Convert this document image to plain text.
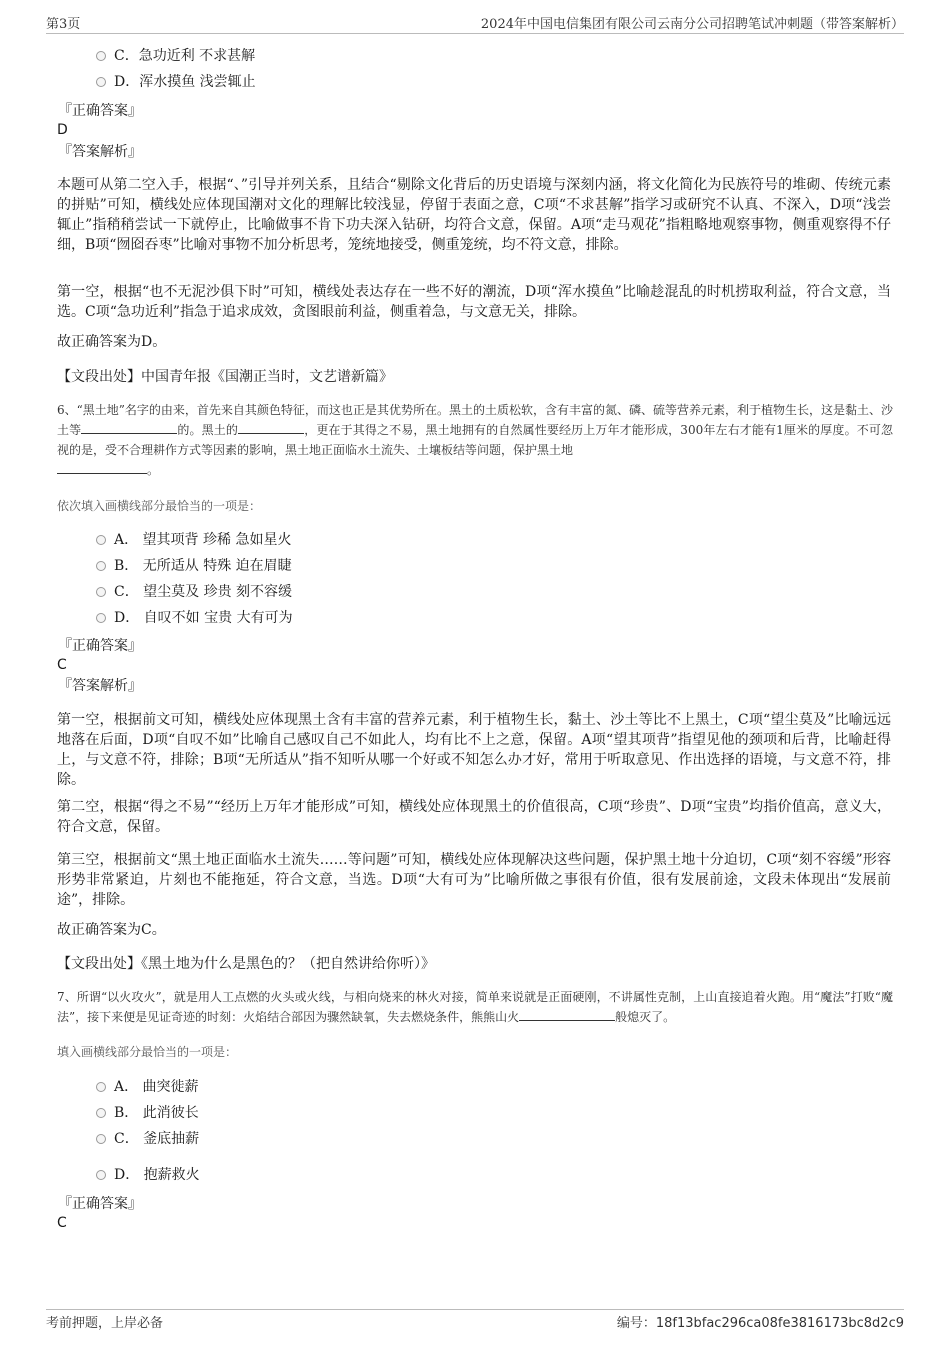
第3页	2024年中国电信集团有限公司云南分公司招聘笔试冲刺题（带答案解析）
C．急功近利 不求甚解
D．浑水摸鱼 浅尝辄止
『正确答案』
D
『答案解析』
本题可从第二空入手，根据“、”引导并列关系，且结合“剔除文化背后的历史语境与深刻内涵，将文化简化为民族符号的堆砌、传统元素的拼贴”可知，横线处应体现国潮对文化的理解比较浅显，停留于表面之意，C项“不求甚解”指学习或研究不认真、不深入，D项“浅尝辄止”指稍稍尝试一下就停止，比喻做事不肯下功夫深入钻研，均符合文意，保留。A项“走马观花”指粗略地观察事物，侧重观察得不仔细，B项“囫囵吞枣”比喻对事物不加分析思考，笼统地接受，侧重笼统，均不符文意，排除。
第一空，根据“也不无泥沙俱下时”可知，横线处表达存在一些不好的潮流，D项“浑水摸鱼”比喻趁混乱的时机捞取利益，符合文意，当选。C项“急功近利”指急于追求成效，贪图眼前利益，侧重着急，与文意无关，排除。
故正确答案为D。
【文段出处】中国青年报《国潮正当时，文艺谱新篇》
6、“黑土地”名字的由来，首先来自其颜色特征，而这也正是其优势所在。黑土的土质松软，含有丰富的氮、磷、硫等营养元素，利于植物生长，这是黏土、沙土等	的。黑土的	，更在于其得之不易，黑土地拥有的自然属性要经历上万年才能形成，300年左右才能有1厘米的厚度。不可忽视的是，受不合理耕作方式等因素的影响，黑土地正面临水土流失、土壤板结等问题，保护黑土地
。
依次填入画横线部分最恰当的一项是：
A． 望其项背 珍稀 急如星火
B． 无所适从 特殊 迫在眉睫
C． 望尘莫及 珍贵 刻不容缓
D． 自叹不如 宝贵 大有可为
『正确答案』
C
『答案解析』
第一空，根据前文可知，横线处应体现黑土含有丰富的营养元素，利于植物生长，黏土、沙土等比不上黑土，C项“望尘莫及”比喻远远地落在后面，D项“自叹不如”比喻自己感叹自己不如此人，均有比不上之意，保留。A项“望其项背”指望见他的颈项和后背，比喻赶得上，与文意不符，排除；B项“无所适从”指不知听从哪一个好或不知怎么办才好，常用于听取意见、作出选择的语境，与文意不符，排除。
第二空，根据“得之不易”“经历上万年才能形成”可知，横线处应体现黑土的价值很高，C项“珍贵”、D项“宝贵”均指价值高，意义大，符合文意，保留。
第三空，根据前文“黑土地正面临水土流失……等问题”可知，横线处应体现解决这些问题，保护黑土地十分迫切，C项“刻不容缓”形容形势非常紧迫，片刻也不能拖延，符合文意，当选。D项“大有可为”比喻所做之事很有价值，很有发展前途，文段未体现出“发展前途”，排除。
故正确答案为C。
【文段出处】《黑土地为什么是黑色的？（把自然讲给你听）》
7、所谓“以火攻火”，就是用人工点燃的火头或火线，与相向烧来的林火对接，简单来说就是正面硬刚，不讲属性克制，上山直接追着火跑。用“魔法”打败“魔法”，接下来便是见证奇迹的时刻：火焰结合部因为骤然缺氧，失去燃烧条件，熊熊山火	般熄灭了。
填入画横线部分最恰当的一项是：
A． 曲突徙薪
B． 此消彼长
C． 釜底抽薪
D． 抱薪救火
『正确答案』
C
考前押题，上岸必备	编号：18f13bfac296ca08fe3816173bc8d2c9
